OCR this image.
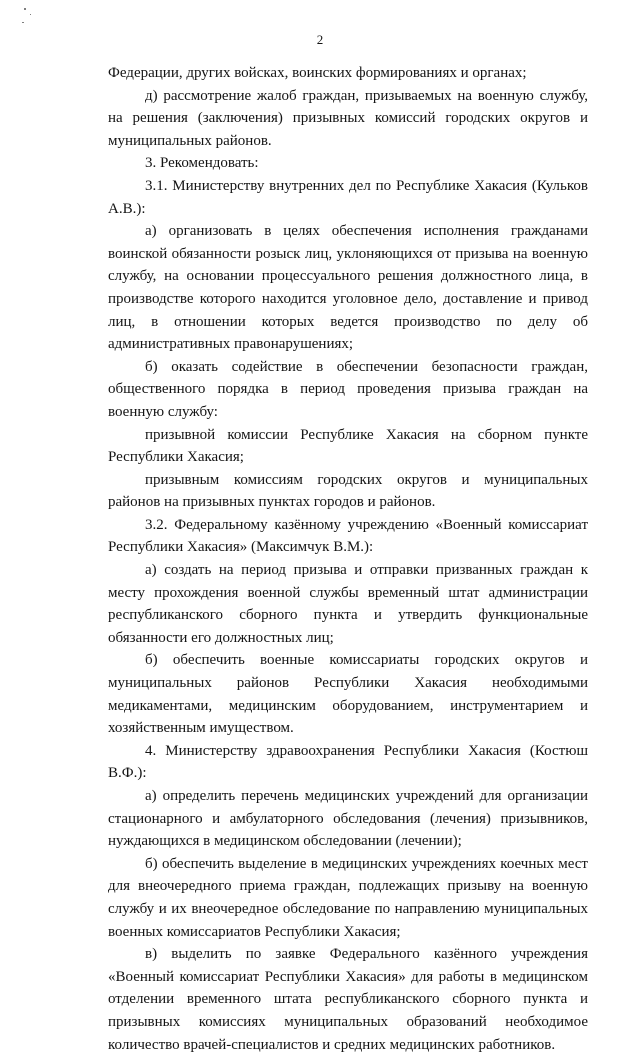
2

Федерации, других войсках, воинских формированиях и органах;

д) рассмотрение жалоб граждан, призываемых на военную службу, на решения (заключения) призывных комиссий городских округов и муниципальных районов.

3. Рекомендовать:

3.1. Министерству внутренних дел по Республике Хакасия (Кульков А.В.):

а) организовать в целях обеспечения исполнения гражданами воинской обязанности розыск лиц, уклоняющихся от призыва на военную службу, на основании процессуального решения должностного лица, в производстве которого находится уголовное дело, доставление и привод лиц, в отношении которых ведется производство по делу об административных правонарушениях;

б) оказать содействие в обеспечении безопасности граждан, общественного порядка в период проведения призыва граждан на военную службу:

призывной комиссии Республике Хакасия на сборном пункте Республики Хакасия;

призывным комиссиям городских округов и муниципальных районов на призывных пунктах городов и районов.

3.2. Федеральному казённому учреждению «Военный комиссариат Республики Хакасия» (Максимчук В.М.):

а) создать на период призыва и отправки призванных граждан к месту прохождения военной службы временный штат администрации республиканского сборного пункта и утвердить функциональные обязанности его должностных лиц;

б) обеспечить военные комиссариаты городских округов и муниципальных районов Республики Хакасия необходимыми медикаментами, медицинским оборудованием, инструментарием и хозяйственным имуществом.

4. Министерству здравоохранения Республики Хакасия (Костюш В.Ф.):

а) определить перечень медицинских учреждений для организации стационарного и амбулаторного обследования (лечения) призывников, нуждающихся в медицинском обследовании (лечении);

б) обеспечить выделение в медицинских учреждениях коечных мест для внеочередного приема граждан, подлежащих призыву на военную службу и их внеочередное обследование по направлению муниципальных военных комиссариатов Республики Хакасия;

в) выделить по заявке Федерального казённого учреждения «Военный комиссариат Республики Хакасия» для работы в медицинском отделении временного штата республиканского сборного пункта и призывных комиссиях муниципальных образований необходимое количество врачей-специалистов и средних медицинских работников.
